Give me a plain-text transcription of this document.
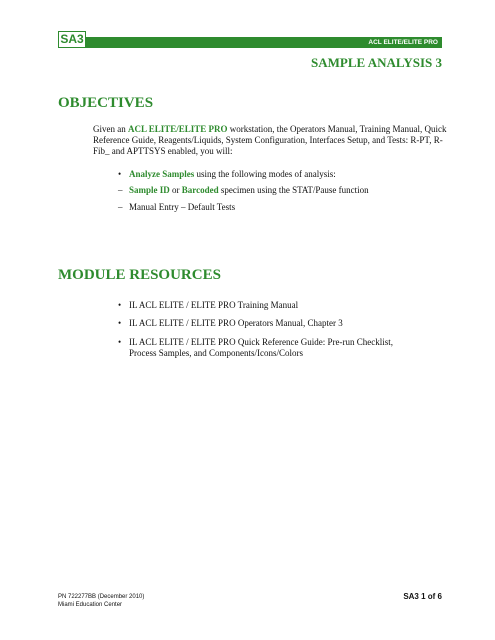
SA3	ACL ELITE/ELITE PRO
SAMPLE ANALYSIS 3
OBJECTIVES
Given an ACL ELITE/ELITE PRO workstation, the Operators Manual, Training Manual, Quick Reference Guide, Reagents/Liquids, System Configuration, Interfaces Setup, and Tests: R-PT, R-Fib_ and APTTSYS enabled, you will:
• Analyze Samples using the following modes of analysis:
– Sample ID or Barcoded specimen using the STAT/Pause function
– Manual Entry – Default Tests
MODULE RESOURCES
• IL ACL ELITE / ELITE PRO Training Manual
• IL ACL ELITE / ELITE PRO Operators Manual, Chapter 3
• IL ACL ELITE / ELITE PRO Quick Reference Guide: Pre-run Checklist, Process Samples, and Components/Icons/Colors
PN 722277BB (December 2010)
Miami Education Center
SA3 1 of 6
